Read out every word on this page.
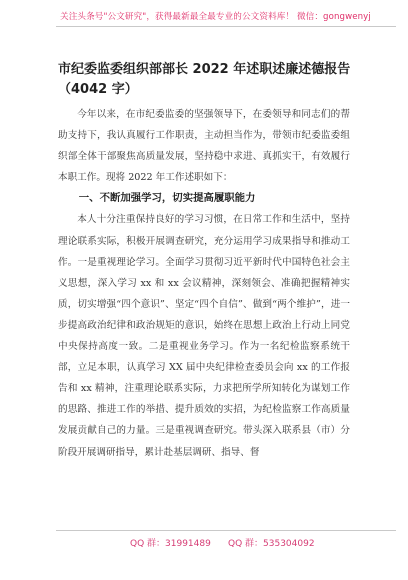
关注头条号"公文研究"，获得最新最全最专业的公文资料库！ 微信：gongwenyj
市纪委监委组织部部长 2022 年述职述廉述德报告（4042 字）

今年以来，在市纪委监委的坚强领导下，在委领导和同志们的帮助支持下，我认真履行工作职责，主动担当作为，带领市纪委监委组织部全体干部聚焦高质量发展，坚持稳中求进、真抓实干，有效履行本职工作。现将 2022 年工作述职如下：

一、不断加强学习，切实提高履职能力

本人十分注重保持良好的学习习惯，在日常工作和生活中，坚持理论联系实际，积极开展调查研究，充分运用学习成果指导和推动工作。一是重视理论学习。全面学习贯彻习近平新时代中国特色社会主义思想，深入学习 xx 和 xx 会议精神，深刻领会、准确把握精神实质，切实增强“四个意识”、坚定“四个自信”、做到“两个维护”，进一步提高政治纪律和政治规矩的意识，始终在思想上政治上行动上同党中央保持高度一致。二是重视业务学习。作为一名纪检监察系统干部，立足本职，认真学习 XX 届中央纪律检查委员会向 xx 的工作报告和 xx 精神，注重理论联系实际，力求把所学所知转化为谋划工作的思路、推进工作的举措、提升质效的实招，为纪检监察工作高质量发展贡献自己的力量。三是重视调查研究。带头深入联系县（市）分阶段开展调研指导，累计赴基层调研、指导、督

QQ 群：31991489 QQ 群：535304092
